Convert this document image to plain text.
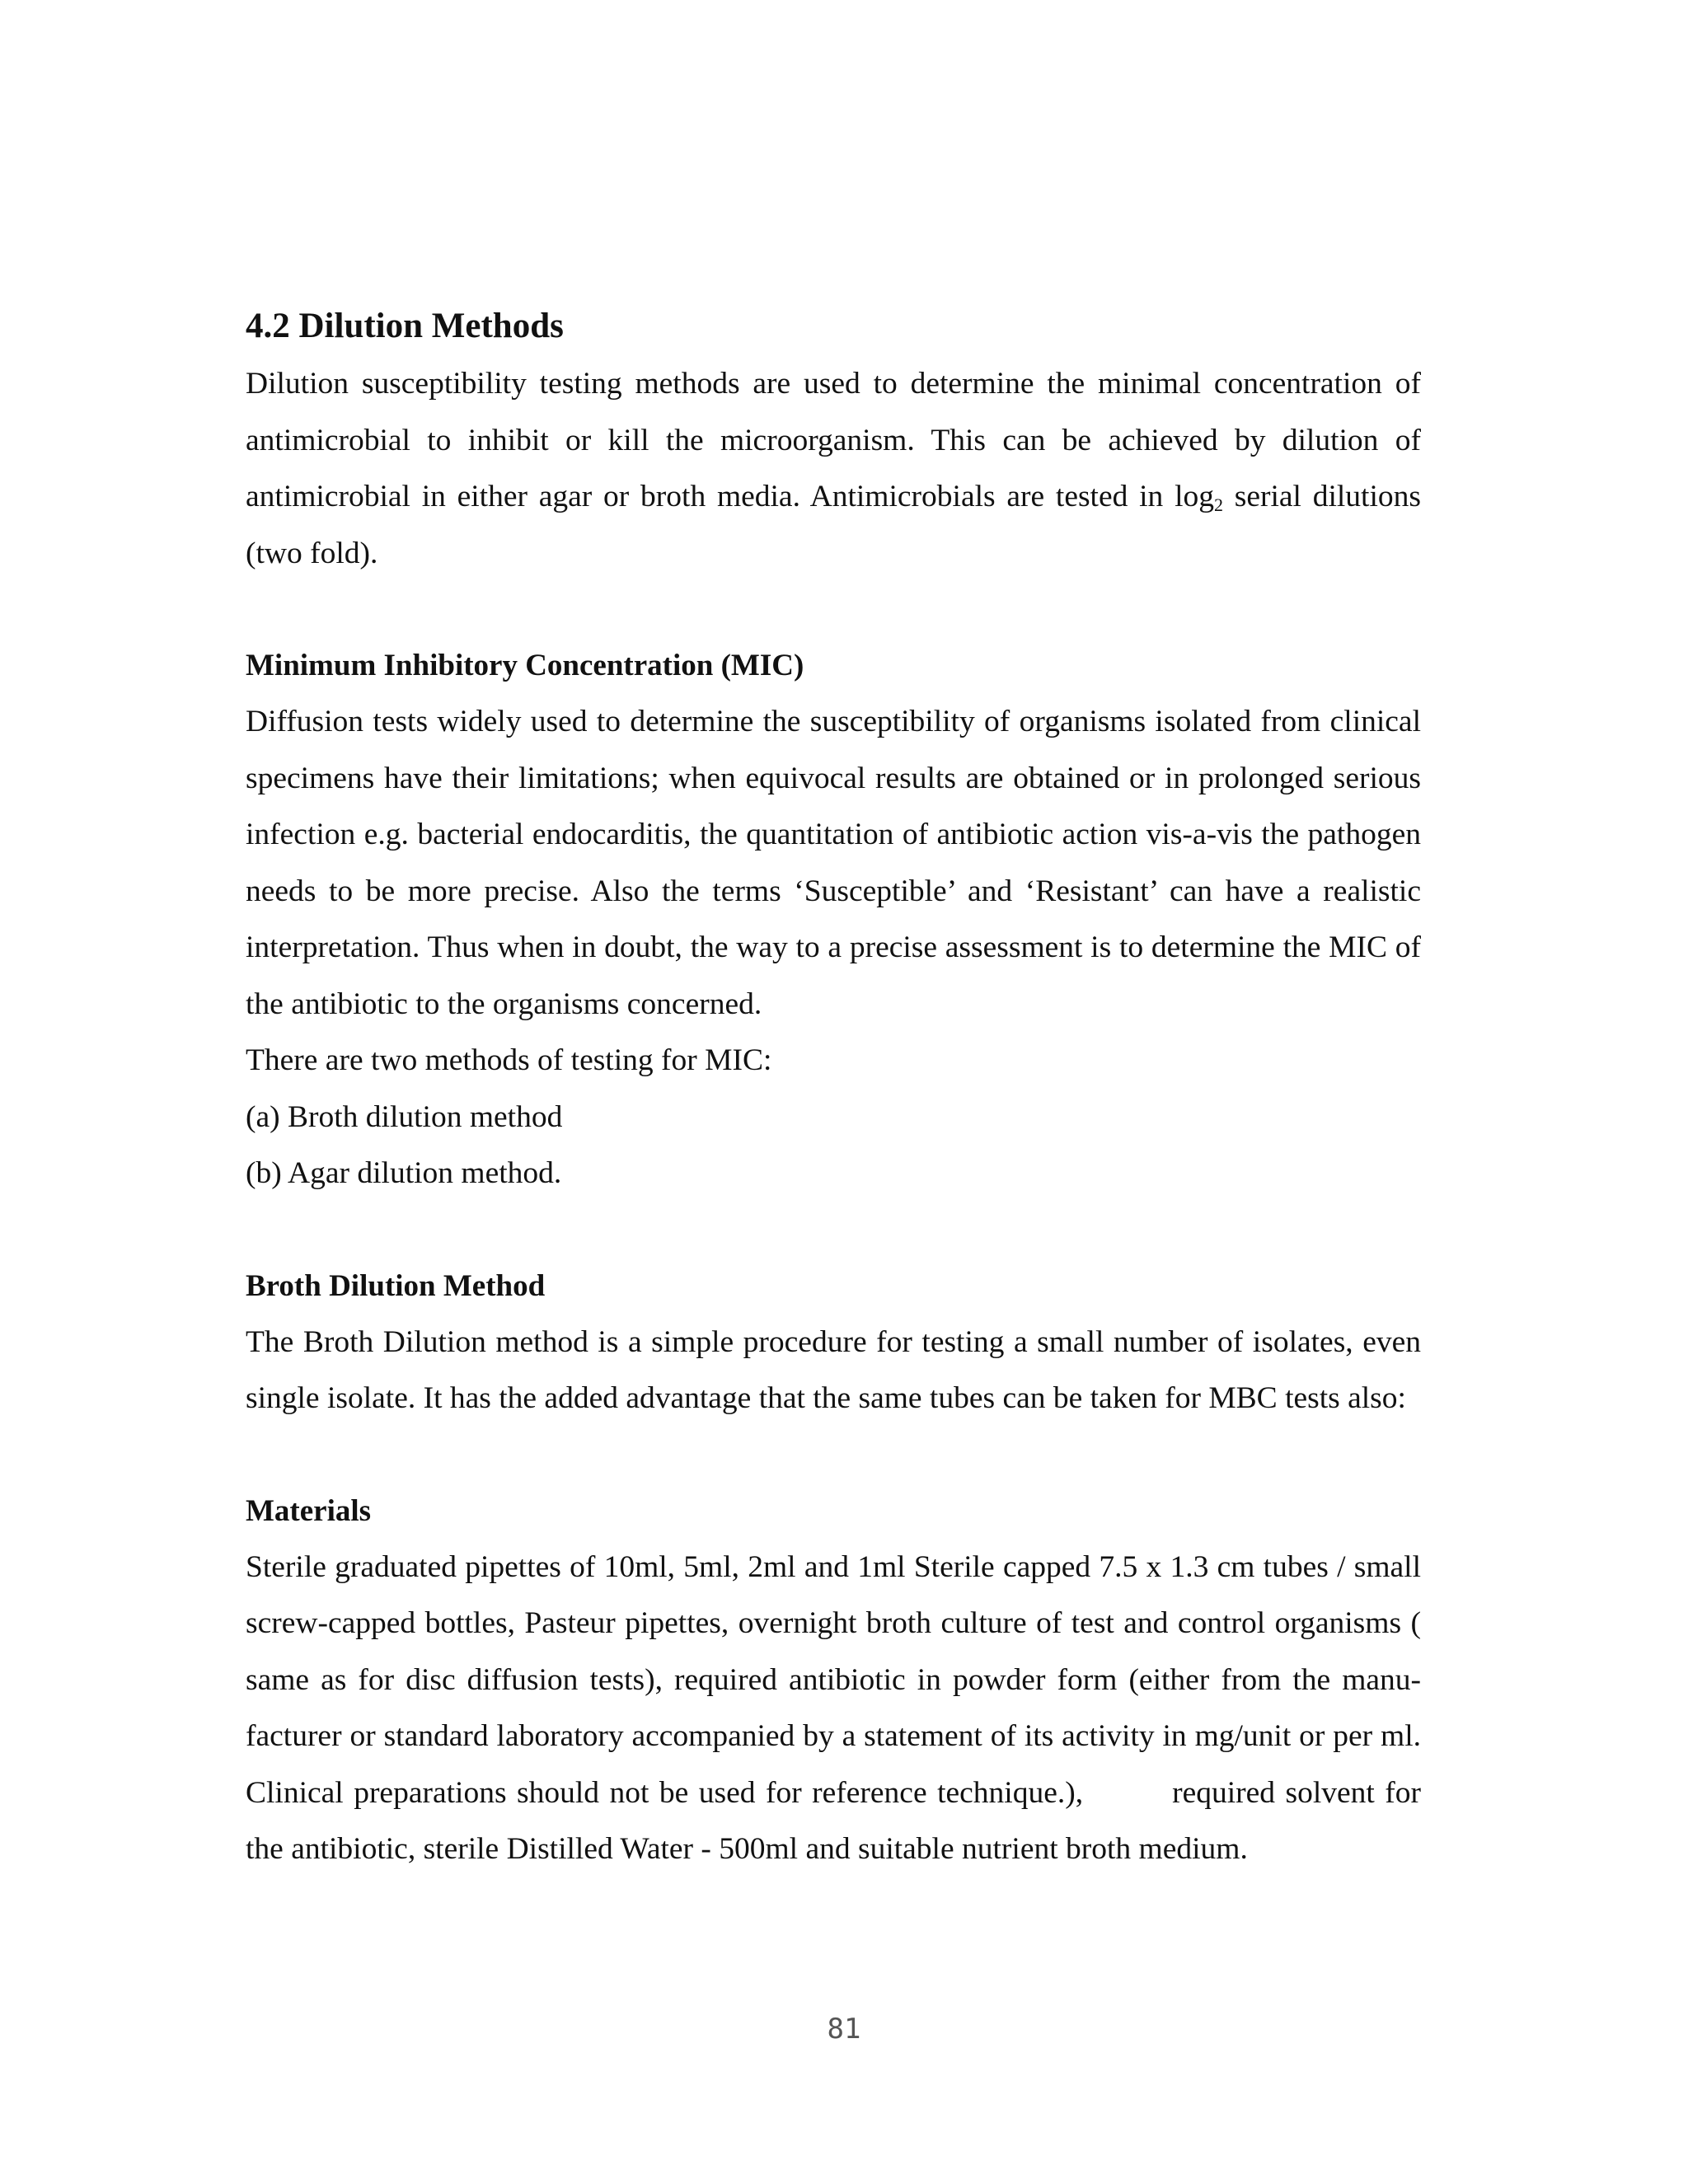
4.2 Dilution Methods

Dilution susceptibility testing methods are used to determine the minimal concentration of antimicrobial to inhibit or kill the microorganism. This can be achieved by dilution of antimicrobial in either agar or broth media. Antimicrobials are tested in $\log_2$ serial dilutions (two fold).

Minimum Inhibitory Concentration (MIC)

Diffusion tests widely used to determine the susceptibility of organisms isolated from clinical specimens have their limitations; when equivocal results are obtained or in prolonged serious infection e.g. bacterial endocarditis, the quantitation of antibiotic action vis-a-vis the pathogen needs to be more precise. Also the terms ‘Susceptible’ and ‘Resistant’ can have a realistic interpretation. Thus when in doubt, the way to a precise assessment is to determine the MIC of the antibiotic to the organisms concerned.

There are two methods of testing for MIC:

(a) Broth dilution method

(b) Agar dilution method.

Broth Dilution Method

The Broth Dilution method is a simple procedure for testing a small number of isolates, even single isolate. It has the added advantage that the same tubes can be taken for MBC tests also:

Materials

Sterile graduated pipettes of 10ml, 5ml, 2ml and 1ml Sterile capped 7.5 x 1.3 cm tubes / small screw-capped bottles, Pasteur pipettes, overnight broth culture of test and control organisms ( same as for disc diffusion tests), required antibiotic in powder form (either from the manu-facturer or standard laboratory accompanied by a statement of its activity in mg/unit or per ml. Clinical preparations should not be used for reference technique.),	required solvent for the antibiotic, sterile Distilled Water - 500ml and suitable nutrient broth medium.

81
